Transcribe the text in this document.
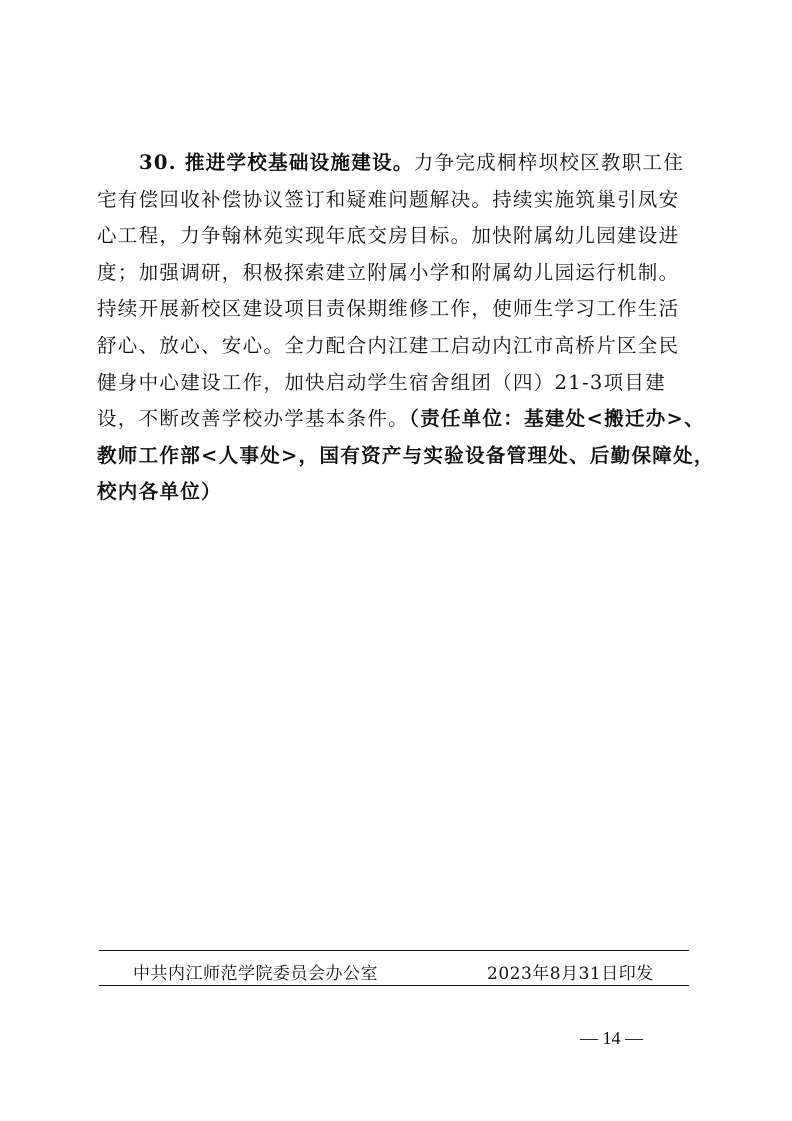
30. 推进学校基础设施建设。力争完成桐梓坝校区教职工住
宅有偿回收补偿协议签订和疑难问题解决。持续实施筑巢引凤安
心工程，力争翰林苑实现年底交房目标。加快附属幼儿园建设进
度；加强调研，积极探索建立附属小学和附属幼儿园运行机制。
持续开展新校区建设项目责保期维修工作，使师生学习工作生活
舒心、放心、安心。全力配合内江建工启动内江市高桥片区全民
健身中心建设工作，加快启动学生宿舍组团（四）21-3项目建
设，不断改善学校办学基本条件。（责任单位：基建处<搬迁办>、
教师工作部<人事处>，国有资产与实验设备管理处、后勤保障处，
校内各单位）
中共内江师范学院委员会办公室	2023年8月31日印发
— 14 —
